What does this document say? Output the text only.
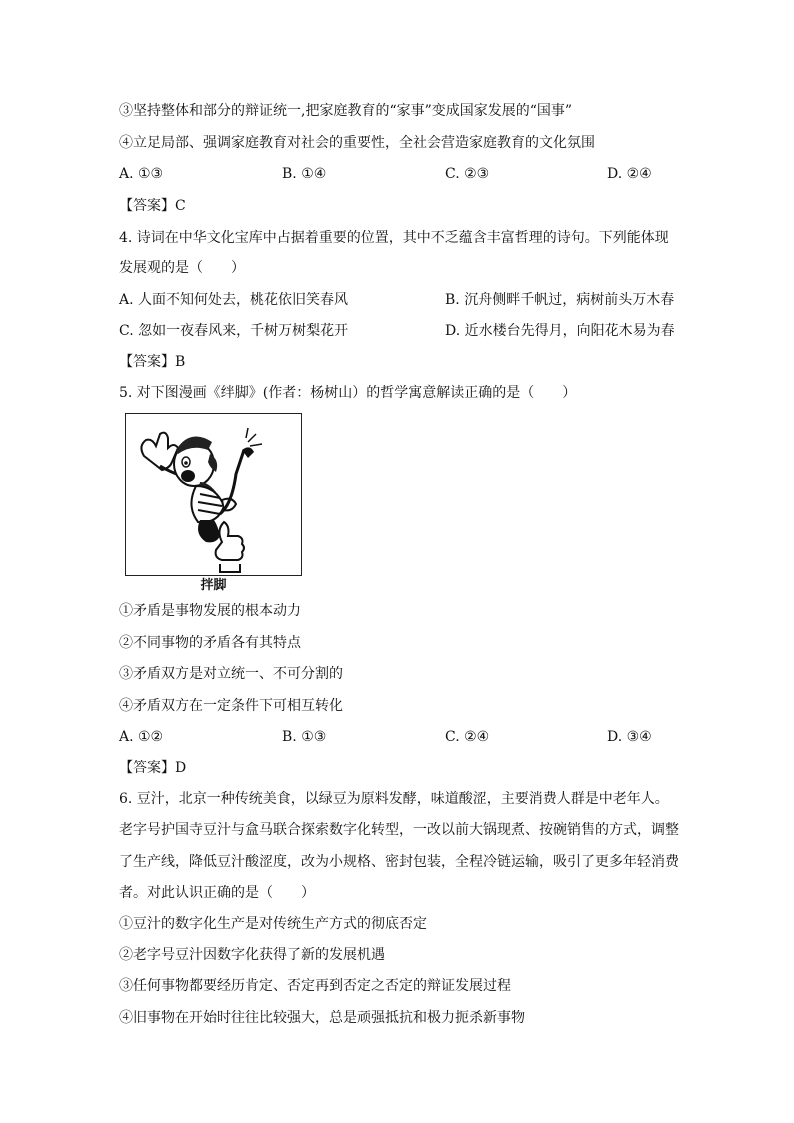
③坚持整体和部分的辩证统一,把家庭教育的“家事”变成国家发展的“国事”
④立足局部、强调家庭教育对社会的重要性，全社会营造家庭教育的文化氛围
A. ①③	B. ①④	C. ②③	D. ②④
【答案】C
4. 诗词在中华文化宝库中占据着重要的位置，其中不乏蕴含丰富哲理的诗句。下列能体现
发展观的是（　　）
A. 人面不知何处去，桃花依旧笑春风	B. 沉舟侧畔千帆过，病树前头万木春
C. 忽如一夜春风来，千树万树梨花开	D. 近水楼台先得月，向阳花木易为春
【答案】B
5. 对下图漫画《绊脚》(作者：杨树山）的哲学寓意解读正确的是（　　）
拌脚
①矛盾是事物发展的根本动力
②不同事物的矛盾各有其特点
③矛盾双方是对立统一、不可分割的
④矛盾双方在一定条件下可相互转化
A. ①②	B. ①③	C. ②④	D. ③④
【答案】D
6. 豆汁，北京一种传统美食，以绿豆为原料发酵，味道酸涩，主要消费人群是中老年人。
老字号护国寺豆汁与盒马联合探索数字化转型，一改以前大锅现煮、按碗销售的方式，调整
了生产线，降低豆汁酸涩度，改为小规格、密封包装，全程冷链运输，吸引了更多年轻消费
者。对此认识正确的是（　　）
①豆汁的数字化生产是对传统生产方式的彻底否定
②老字号豆汁因数字化获得了新的发展机遇
③任何事物都要经历肯定、否定再到否定之否定的辩证发展过程
④旧事物在开始时往往比较强大，总是顽强抵抗和极力扼杀新事物
